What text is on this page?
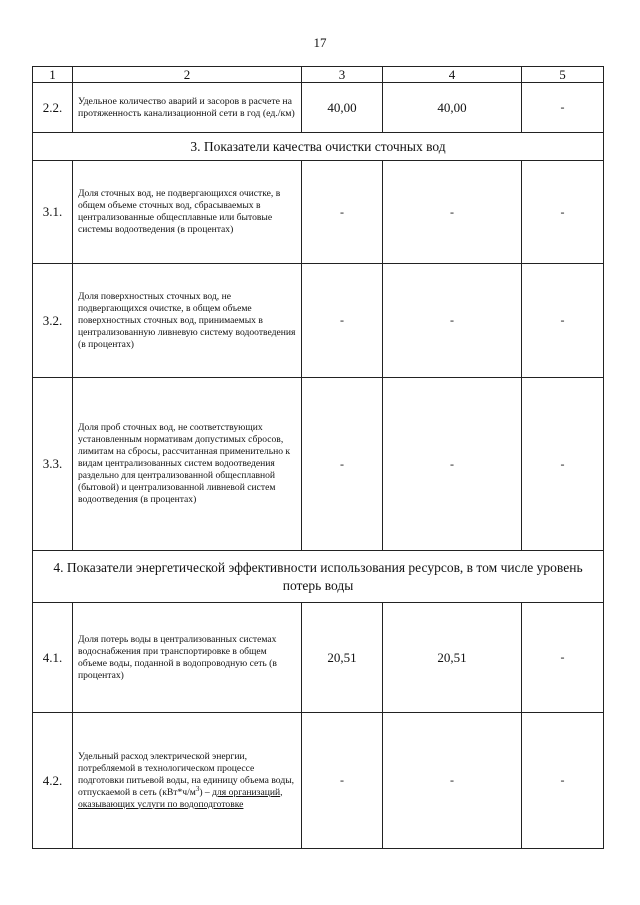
17
1	2	3	4	5
2.2.	Удельное количество аварий и засоров в расчете на протяженность канализационной сети в год (ед./км)	40,00	40,00	-
3. Показатели качества очистки сточных вод				
3.1.	Доля сточных вод, не подвергающихся очистке, в общем объеме сточных вод, сбрасываемых в централизованные общесплавные или бытовые системы водоотведения (в процентах)	-	-	-
3.2.	Доля поверхностных сточных вод, не подвергающихся очистке, в общем объеме поверхностных сточных вод, принимаемых в централизованную ливневую систему водоотведения (в процентах)	-	-	-
3.3.	Доля проб сточных вод, не соответствующих установленным нормативам допустимых сбросов, лимитам на сбросы, рассчитанная применительно к видам централизованных систем водоотведения раздельно для централизованной общесплавной (бытовой) и централизованной ливневой систем водоотведения (в процентах)	-	-	-
4. Показатели энергетической эффективности использования ресурсов, в том числе уровень потерь воды				
4.1.	Доля потерь воды в централизованных системах водоснабжения при транспортировке в общем объеме воды, поданной в водопроводную сеть (в процентах)	20,51	20,51	-
4.2.	Удельный расход электрической энергии, потребляемой в технологическом процессе подготовки питьевой воды, на единицу объема воды, отпускаемой в сеть $(кВт*ч/м^3)$ – для организаций, оказывающих услуги по водоподготовке	-	-	-
